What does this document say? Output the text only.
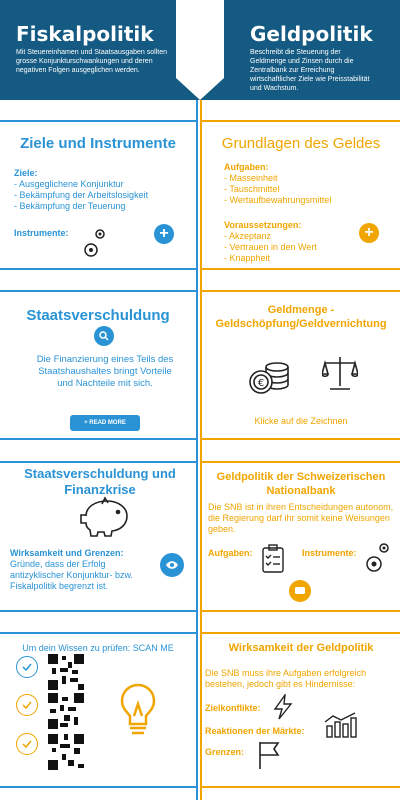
Fiskalpolitik
Mit Steuereinhamen und Staatsausgaben sollten grosse Konjunkturschwankungen und deren negativen Folgen ausgeglichen werden.
Geldpolitik
Beschreibt die Steuerung der Geldmenge und Zinsen durch die Zentralbank zur Erreichung wirtschaftlicher Ziele wie Preisstabilität und Wachstum.
Ziele und Instrumente
Ziele:
- Ausgeglichene Konjunktur
- Bekämpfung der Arbeitslosigkeit
- Bekämpfung der Teuerung
Instrumente:	+
Grundlagen des Geldes
Aufgaben:
- Masseinheit
- Tauschmittel
- Wertaufbewahrungsmittel
Voraussetzungen:
- Akzeptanz
- Vertrauen in den Wert
- Knappheit
+
Staatsverschuldung
Die Finanzierung eines Teils des Staatshaushaltes bringt Vorteile und Nachteile mit sich.
+ READ MORE
Geldmenge - Geldschöpfung/Geldvernichtung
€
Klicke auf die Zeichnen
Staatsverschuldung und Finanzkrise
Wirksamkeit und Grenzen:
Gründe, dass der Erfolg antizyklischer Konjunktur- bzw. Fiskalpolitik begrenzt ist.
Geldpolitik der Schweizerischen Nationalbank
Die SNB ist in ihren Entscheidungen autonom, die Regierung darf ihr somit keine Weisungen geben.
Aufgaben:	Instrumente:
Um dein Wissen zu prüfen: SCAN ME	Wirksamkeit der Geldpolitik
Die SNB muss ihre Aufgaben erfolgreich bestehen, jedoch gibt es Hindernisse:
Zielkonflikte:
Reaktionen der Märkte:
Grenzen:
